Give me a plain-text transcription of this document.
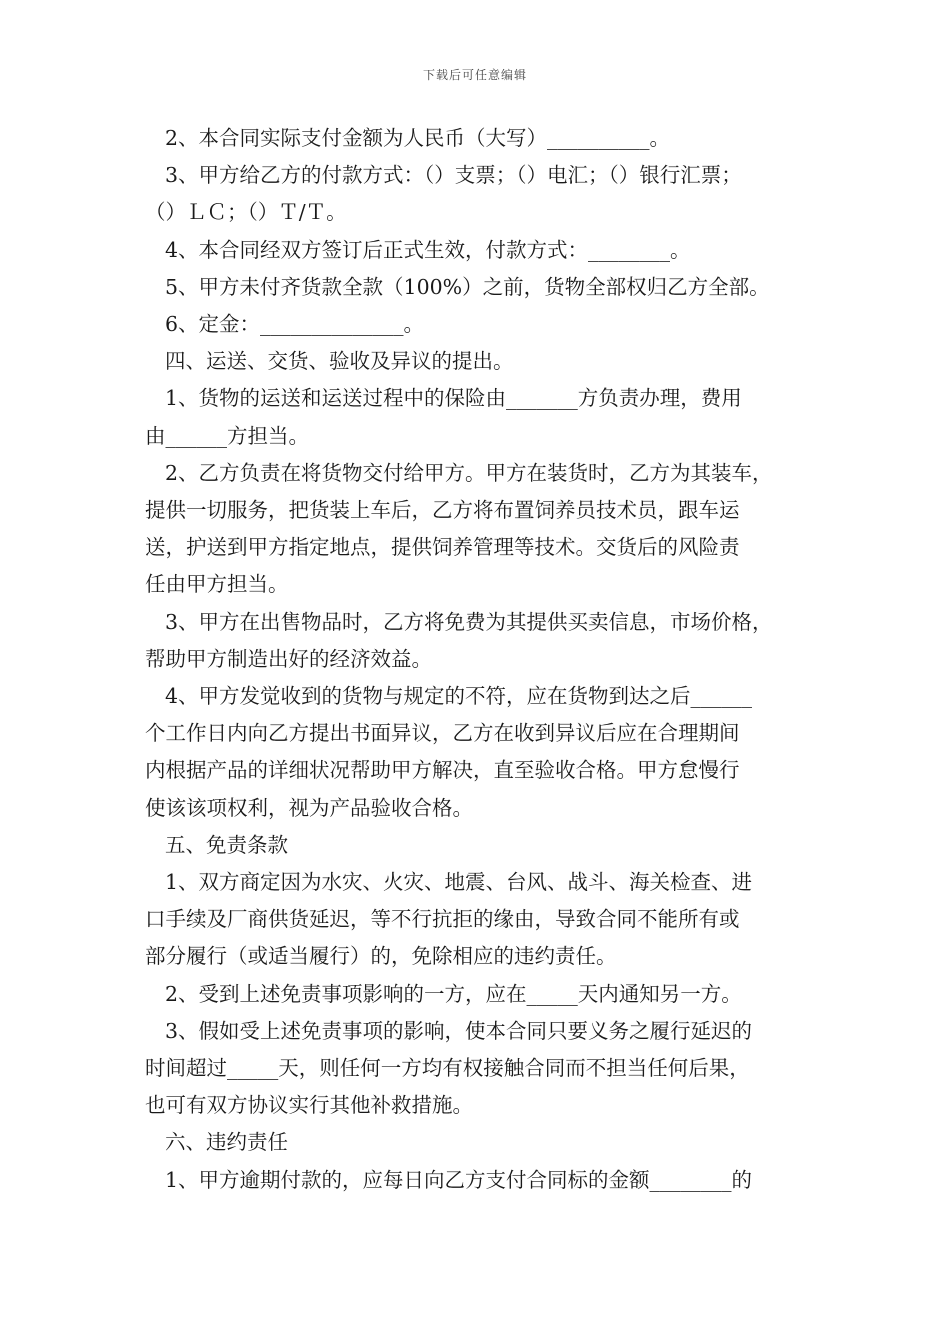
下载后可任意编辑
2、本合同实际支付金额为人民币（大写）__________。
3、甲方给乙方的付款方式：（）支票；（）电汇；（）银行汇票；
（）ＬＣ；（）Ｔ/Ｔ。
4、本合同经双方签订后正式生效，付款方式：________。
5、甲方未付齐货款全款（100%）之前，货物全部权归乙方全部。
6、定金：______________。
四、运送、交货、验收及异议的提出。
1、货物的运送和运送过程中的保险由_______方负责办理，费用
由______方担当。
2、乙方负责在将货物交付给甲方。甲方在装货时，乙方为其装车，
提供一切服务，把货装上车后，乙方将布置饲养员技术员，跟车运
送，护送到甲方指定地点，提供饲养管理等技术。交货后的风险责
任由甲方担当。
3、甲方在出售物品时，乙方将免费为其提供买卖信息，市场价格，
帮助甲方制造出好的经济效益。
4、甲方发觉收到的货物与规定的不符，应在货物到达之后______
个工作日内向乙方提出书面异议，乙方在收到异议后应在合理期间
内根据产品的详细状况帮助甲方解决，直至验收合格。甲方怠慢行
使该该项权利，视为产品验收合格。
五、免责条款
1、双方商定因为水灾、火灾、地震、台风、战斗、海关检查、进
口手续及厂商供货延迟，等不行抗拒的缘由，导致合同不能所有或
部分履行（或适当履行）的，免除相应的违约责任。
2、受到上述免责事项影响的一方，应在_____天内通知另一方。
3、假如受上述免责事项的影响，使本合同只要义务之履行延迟的
时间超过_____天，则任何一方均有权接触合同而不担当任何后果，
也可有双方协议实行其他补救措施。
六、违约责任
1、甲方逾期付款的，应每日向乙方支付合同标的金额________的
